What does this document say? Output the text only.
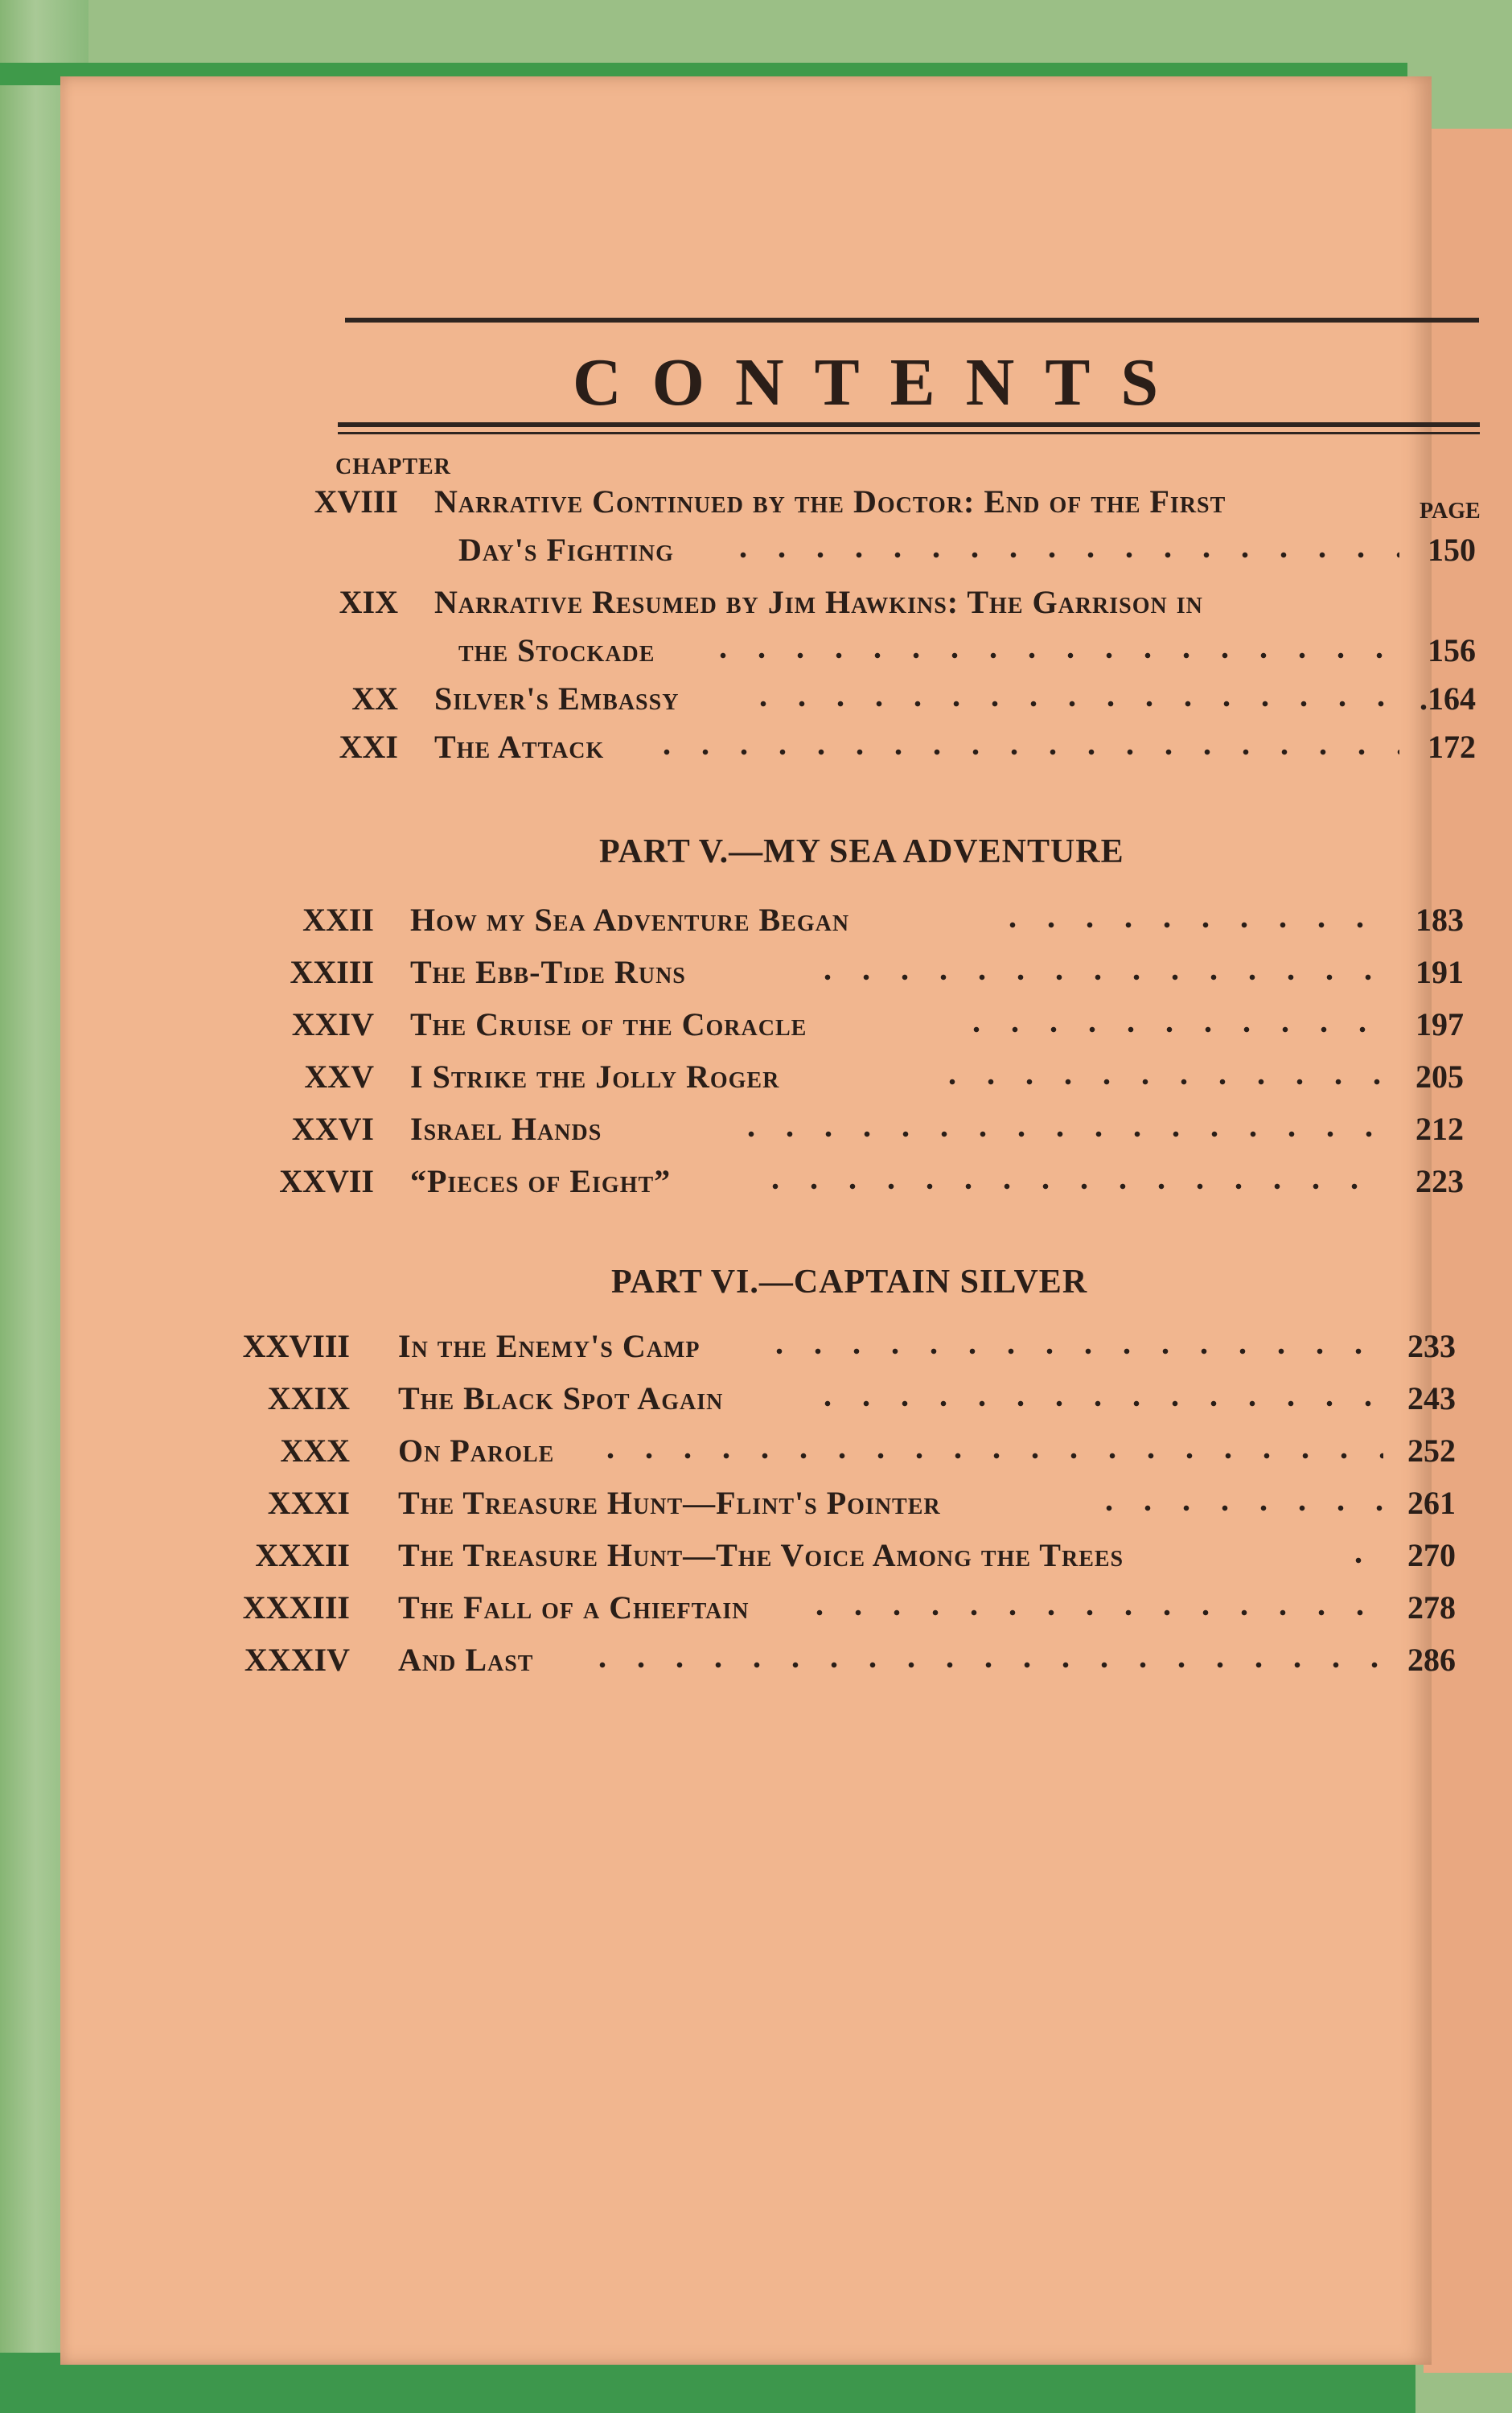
CONTENTS
CHAPTER
PAGE
XVIII Narrative Continued by the Doctor: End of the First
Day's Fighting	150
XIX Narrative Resumed by Jim Hawkins: The Garrison in
the Stockade	156
XX Silver's Embassy	.164
XXI The Attack	172
PART V.—MY SEA ADVENTURE
XXII How my Sea Adventure Began	183
XXIII The Ebb-Tide Runs	191
XXIV The Cruise of the Coracle	197
XXV I Strike the Jolly Roger	205
XXVI Israel Hands	212
XXVII “Pieces of Eight”	223
PART VI.—CAPTAIN SILVER
XXVIII In the Enemy's Camp	233
XXIX The Black Spot Again	243
XXX On Parole	252
XXXI The Treasure Hunt—Flint's Pointer	261
XXXII The Treasure Hunt—The Voice Among the Trees	270
XXXIII The Fall of a Chieftain	278
XXXIV And Last	286
